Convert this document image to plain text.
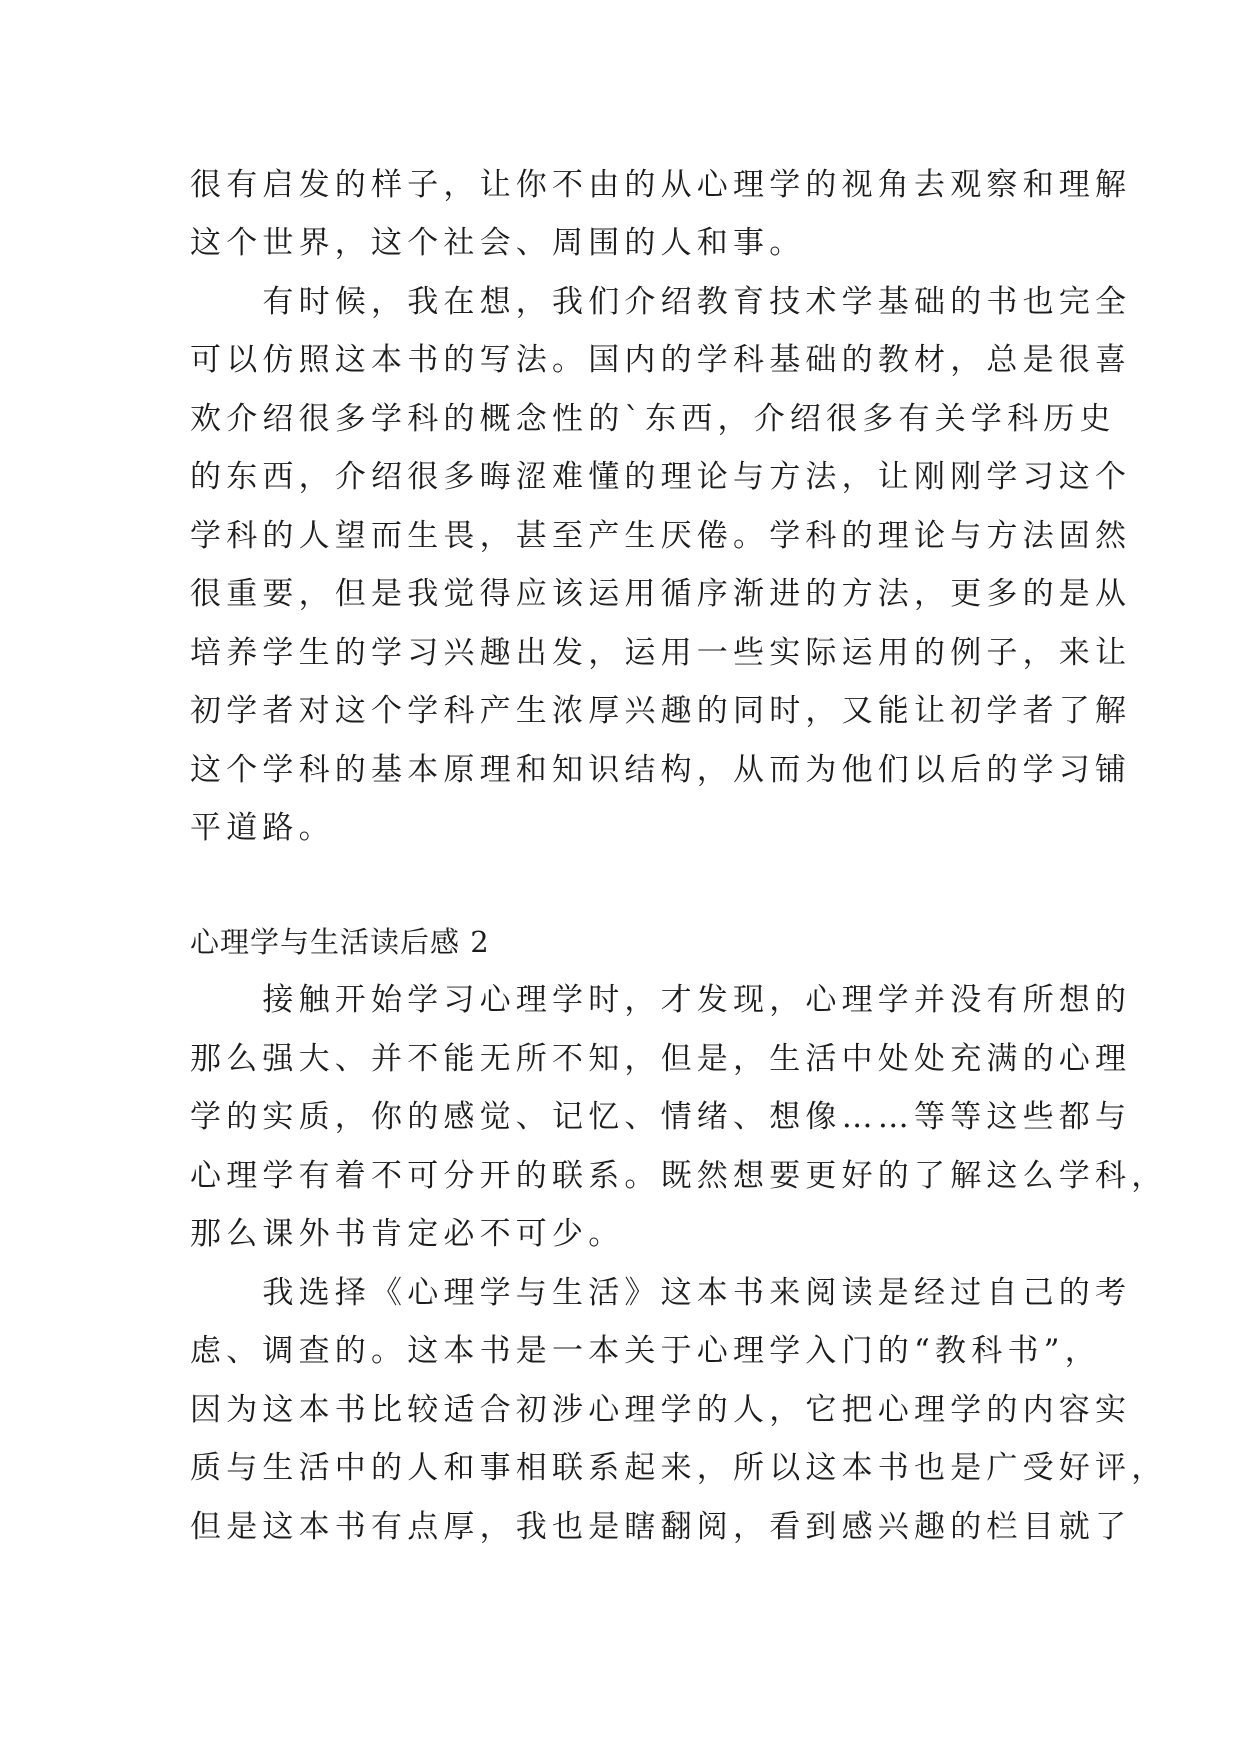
很有启发的样子，让你不由的从心理学的视角去观察和理解
这个世界，这个社会、周围的人和事。
　　有时候，我在想，我们介绍教育技术学基础的书也完全
可以仿照这本书的写法。国内的学科基础的教材，总是很喜
欢介绍很多学科的概念性的`东西，介绍很多有关学科历史
的东西，介绍很多晦涩难懂的理论与方法，让刚刚学习这个
学科的人望而生畏，甚至产生厌倦。学科的理论与方法固然
很重要，但是我觉得应该运用循序渐进的方法，更多的是从
培养学生的学习兴趣出发，运用一些实际运用的例子，来让
初学者对这个学科产生浓厚兴趣的同时，又能让初学者了解
这个学科的基本原理和知识结构，从而为他们以后的学习铺
平道路。
心理学与生活读后感 2
　　接触开始学习心理学时，才发现，心理学并没有所想的
那么强大、并不能无所不知，但是，生活中处处充满的心理
学的实质，你的感觉、记忆、情绪、想像……等等这些都与
心理学有着不可分开的联系。既然想要更好的了解这么学科，
那么课外书肯定必不可少。
　　我选择《心理学与生活》这本书来阅读是经过自己的考
虑、调查的。这本书是一本关于心理学入门的“教科书”，
因为这本书比较适合初涉心理学的人，它把心理学的内容实
质与生活中的人和事相联系起来，所以这本书也是广受好评，
但是这本书有点厚，我也是瞎翻阅，看到感兴趣的栏目就了
